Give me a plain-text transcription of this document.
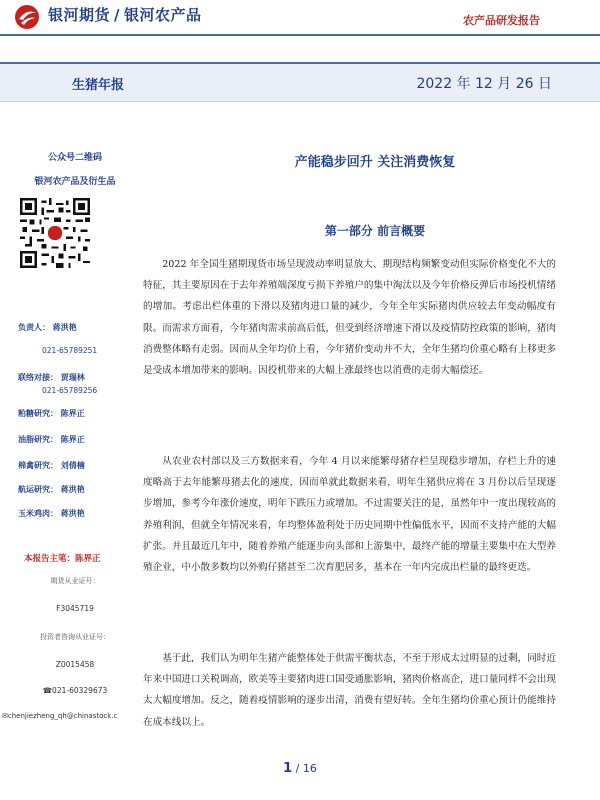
银河期货 / 银河农产品	农产品研发报告
生猪年报	2022 年 12 月 26 日
公众号二维码
银河农产品及衍生品
负责人： 蒋洪艳
021-65789251
联络对接： 贾瑞林
021-65789256
粕糖研究： 陈界正
油脂研究： 陈界正
棉禽研究： 刘倩楠
航运研究： 蒋洪艳
玉米鸡肉： 蒋洪艳
本报告主笔：陈界正
期货从业证号：
F3045719
投资者咨询从业证号：
Z0015458
☎021-60329673
✉chenjiezheng_qh@chinastock.c
产能稳步回升 关注消费恢复
第一部分 前言概要

2022 年全国生猪期现货市场呈现波动率明显放大、期现结构频繁变动但实际价格变化不大的特征，其主要原因在于去年养殖端深度亏损下养殖户的集中淘汰以及今年价格反弹后市场投机情绪的增加。考虑出栏体重的下滑以及猪肉进口量的减少，今年全年实际猪肉供应较去年变动幅度有限。而需求方面看，今年猪肉需求前高后低，但受到经济增速下滑以及疫情防控政策的影响，猪肉消费整体略有走弱。因而从全年均价上看，今年猪价变动并不大，全年生猪均价重心略有上移更多是受成本增加带来的影响。因投机带来的大幅上涨最终也以消费的走弱大幅偿还。

从农业农村部以及三方数据来看，今年 4 月以来能繁母猪存栏呈现稳步增加，存栏上升的速度略高于去年能繁母猪去化的速度，因而单就此数据来看，明年生猪供应将在 3 月份以后呈现逐步增加，参考今年涨价速度，明年下跌压力或增加。不过需要关注的是，虽然年中一度出现较高的养殖利润，但就全年情况来看，年均整体盈利处于历史同期中性偏低水平，因而不支持产能的大幅扩张。并且最近几年中，随着养殖产能逐步向头部和上游集中，最终产能的增量主要集中在大型养殖企业，中小散多数均以外购仔猪甚至二次育肥居多，基本在一年内完成出栏量的最终更迭。

基于此，我们认为明年生猪产能整体处于供需平衡状态，不至于形成太过明显的过剩，同时近年来中国进口关税调高，欧美等主要猪肉进口国受通胀影响，猪肉价格高企，进口量同样不会出现太大幅度增加。反之，随着疫情影响的逐步出清，消费有望好转。全年生猪均价重心预计仍能维持在成本线以上。

1 / 16
